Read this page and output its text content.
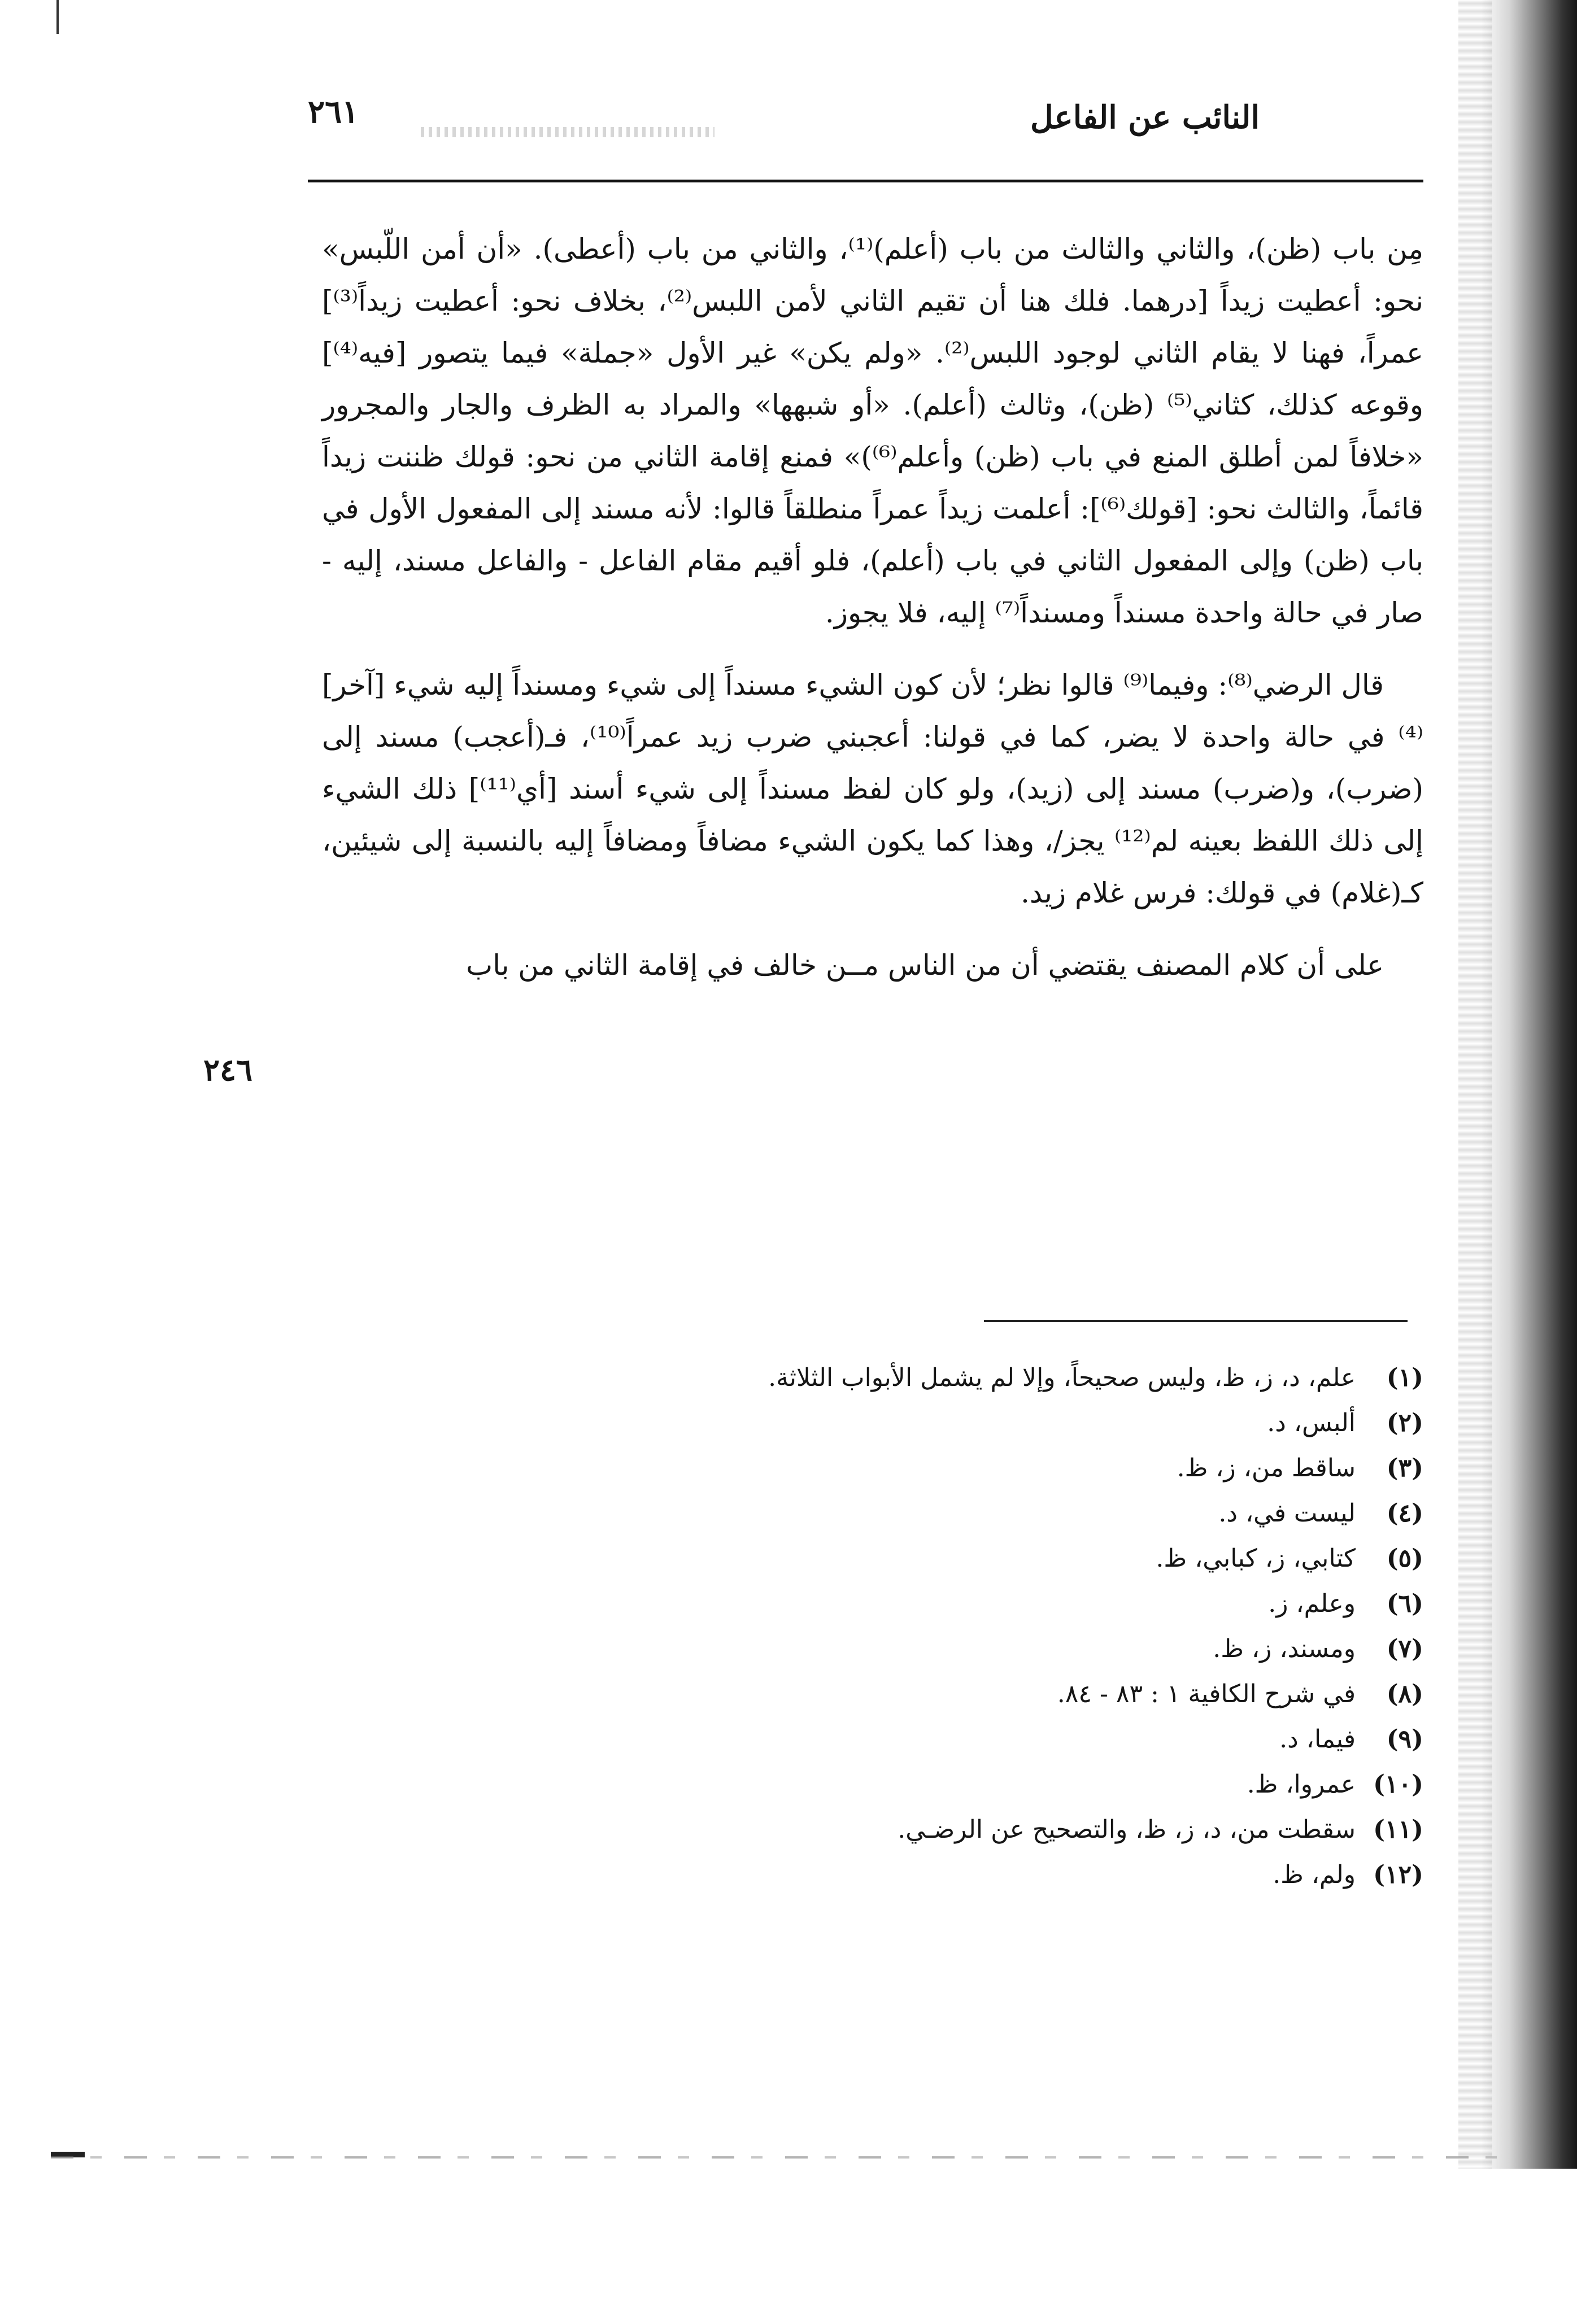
النائب عن الفاعل
٢٦١

مِن باب (ظن)، والثاني والثالث من باب (أعلم)⁽¹⁾، والثاني من باب (أعطى). «أن أمن اللّبس» نحو: أعطيت زيداً [درهما. فلك هنا أن تقيم الثاني لأمن اللبس⁽²⁾، بخلاف نحو: أعطيت زيداً⁽³⁾] عمراً، فهنا لا يقام الثاني لوجود اللبس⁽²⁾. «ولم يكن» غير الأول «جملة» فيما يتصور [فيه⁽⁴⁾] وقوعه كذلك، كثاني⁽⁵⁾ (ظن)، وثالث (أعلم). «أو شبهها» والمراد به الظرف والجار والمجرور «خلافاً لمن أطلق المنع في باب (ظن) وأعلم⁽⁶⁾)» فمنع إقامة الثاني من نحو: قولك ظننت زيداً قائماً، والثالث نحو: [قولك⁽⁶⁾]: أعلمت زيداً عمراً منطلقاً قالوا: لأنه مسند إلى المفعول الأول في باب (ظن) وإلى المفعول الثاني في باب (أعلم)، فلو أقيم مقام الفاعل - والفاعل مسند، إليه - صار في حالة واحدة مسنداً ومسنداً⁽⁷⁾ إليه، فلا يجوز.

قال الرضي⁽⁸⁾: وفيما⁽⁹⁾ قالوا نظر؛ لأن كون الشيء مسنداً إلى شيء ومسنداً إليه شيء [آخر]⁽⁴⁾ في حالة واحدة لا يضر، كما في قولنا: أعجبني ضرب زيد عمراً⁽¹⁰⁾، فـ(أعجب) مسند إلى (ضرب)، و(ضرب) مسند إلى (زيد)، ولو كان لفظ مسنداً إلى شيء أسند [أي⁽¹¹⁾] ذلك الشيء إلى ذلك اللفظ بعينه لم⁽¹²⁾ يجز/، وهذا كما يكون الشيء مضافاً ومضافاً إليه بالنسبة إلى شيئين، كـ(غلام) في قولك: فرس غلام زيد.

على أن كلام المصنف يقتضي أن من الناس مــن خالف في إقامة الثاني من باب

٢٤٦
(١)علم، د، ز، ظ، وليس صحيحاً، وإلا لم يشمل الأبواب الثلاثة.
(٢)ألبس، د.
(٣)ساقط من، ز، ظ.
(٤)ليست في، د.
(٥)كتابي، ز، كبابي، ظ.
(٦)وعلم، ز.
(٧)ومسند، ز، ظ.
(٨)في شرح الكافية ١ : ٨٣ - ٨٤.
(٩)فيما، د.
(١٠)عمروا، ظ.
(١١)سقطت من، د، ز، ظ، والتصحيح عن الرضـي.
(١٢)ولم، ظ.
